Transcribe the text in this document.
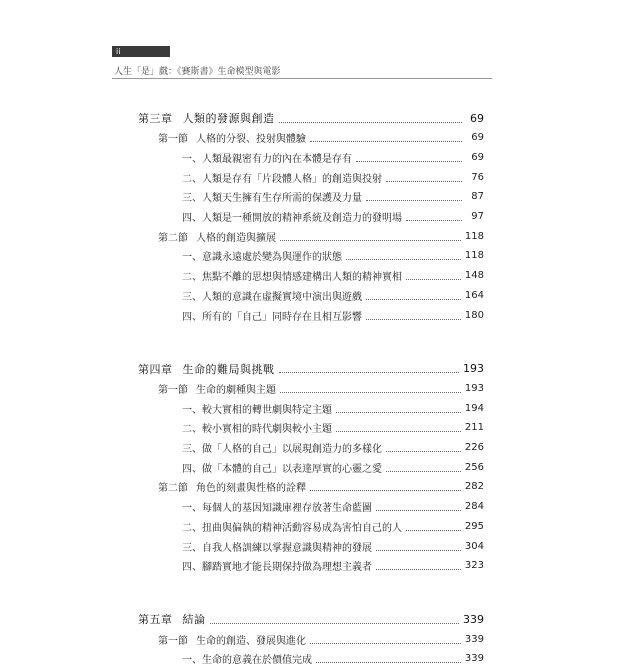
ii
人生「是」戲：《賽斯書》生命模型與電影
第三章 人類的發源與創造	69
第一節 人格的分裂、投射與體驗	69
一、人類最親密有力的內在本體是存有	69
二、人類是存有「片段體人格」的創造與投射	76
三、人類天生擁有生存所需的保護及力量	87
四、人類是一種開放的精神系統及創造力的發明場	97
第二節 人格的創造與擴展	118
一、意識永遠處於變為與運作的狀態	118
二、焦點不離的思想與情感建構出人類的精神實相	148
三、人類的意識在虛擬實境中演出與遊戲	164
四、所有的「自己」同時存在且相互影響	180
第四章 生命的難局與挑戰	193
第一節 生命的劇種與主題	193
一、較大實相的轉世劇與特定主題	194
二、較小實相的時代劇與較小主題	211
三、做「人格的自己」以展現創造力的多樣化	226
四、做「本體的自己」以表達厚實的心靈之愛	256
第二節 角色的刻畫與性格的詮釋	282
一、每個人的基因知識庫裡存放著生命藍圖	284
二、扭曲與偏執的精神活動容易成為害怕自己的人	295
三、自我人格訓練以掌握意識與精神的發展	304
四、腳踏實地才能長期保持做為理想主義者	323
第五章 結論	339
第一節 生命的創造、發展與進化	339
一、生命的意義在於價值完成	339
